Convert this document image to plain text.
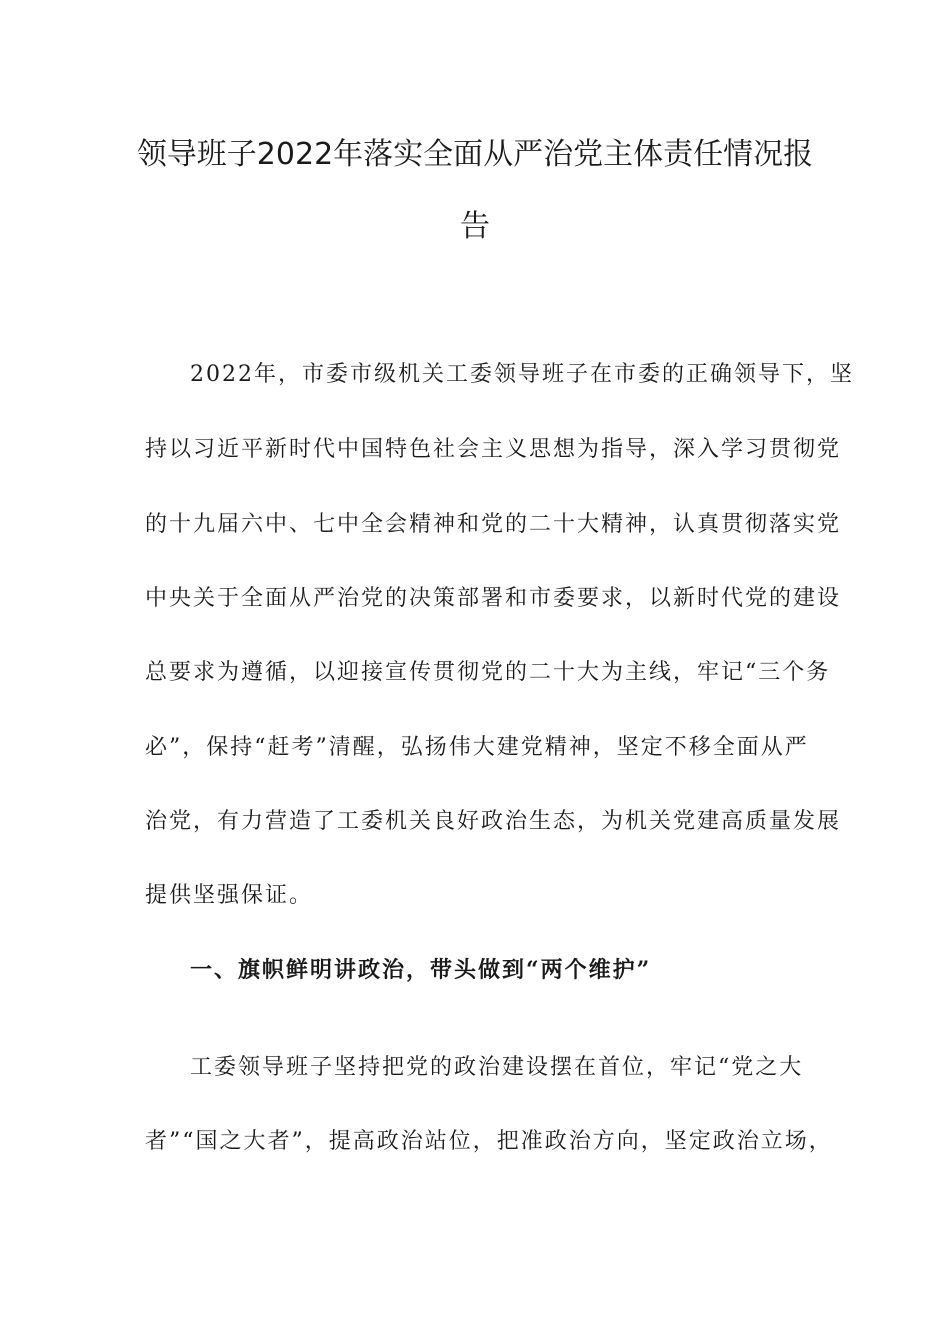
领导班子2022年落实全面从严治党主体责任情况报
告
2022年，市委市级机关工委领导班子在市委的正确领导下，坚
持以习近平新时代中国特色社会主义思想为指导，深入学习贯彻党
的十九届六中、七中全会精神和党的二十大精神，认真贯彻落实党
中央关于全面从严治党的决策部署和市委要求，以新时代党的建设
总要求为遵循，以迎接宣传贯彻党的二十大为主线，牢记“三个务
必”，保持“赶考”清醒，弘扬伟大建党精神，坚定不移全面从严
治党，有力营造了工委机关良好政治生态，为机关党建高质量发展
提供坚强保证。
一、旗帜鲜明讲政治，带头做到“两个维护”
工委领导班子坚持把党的政治建设摆在首位，牢记“党之大
者”“国之大者”，提高政治站位，把准政治方向，坚定政治立场，
